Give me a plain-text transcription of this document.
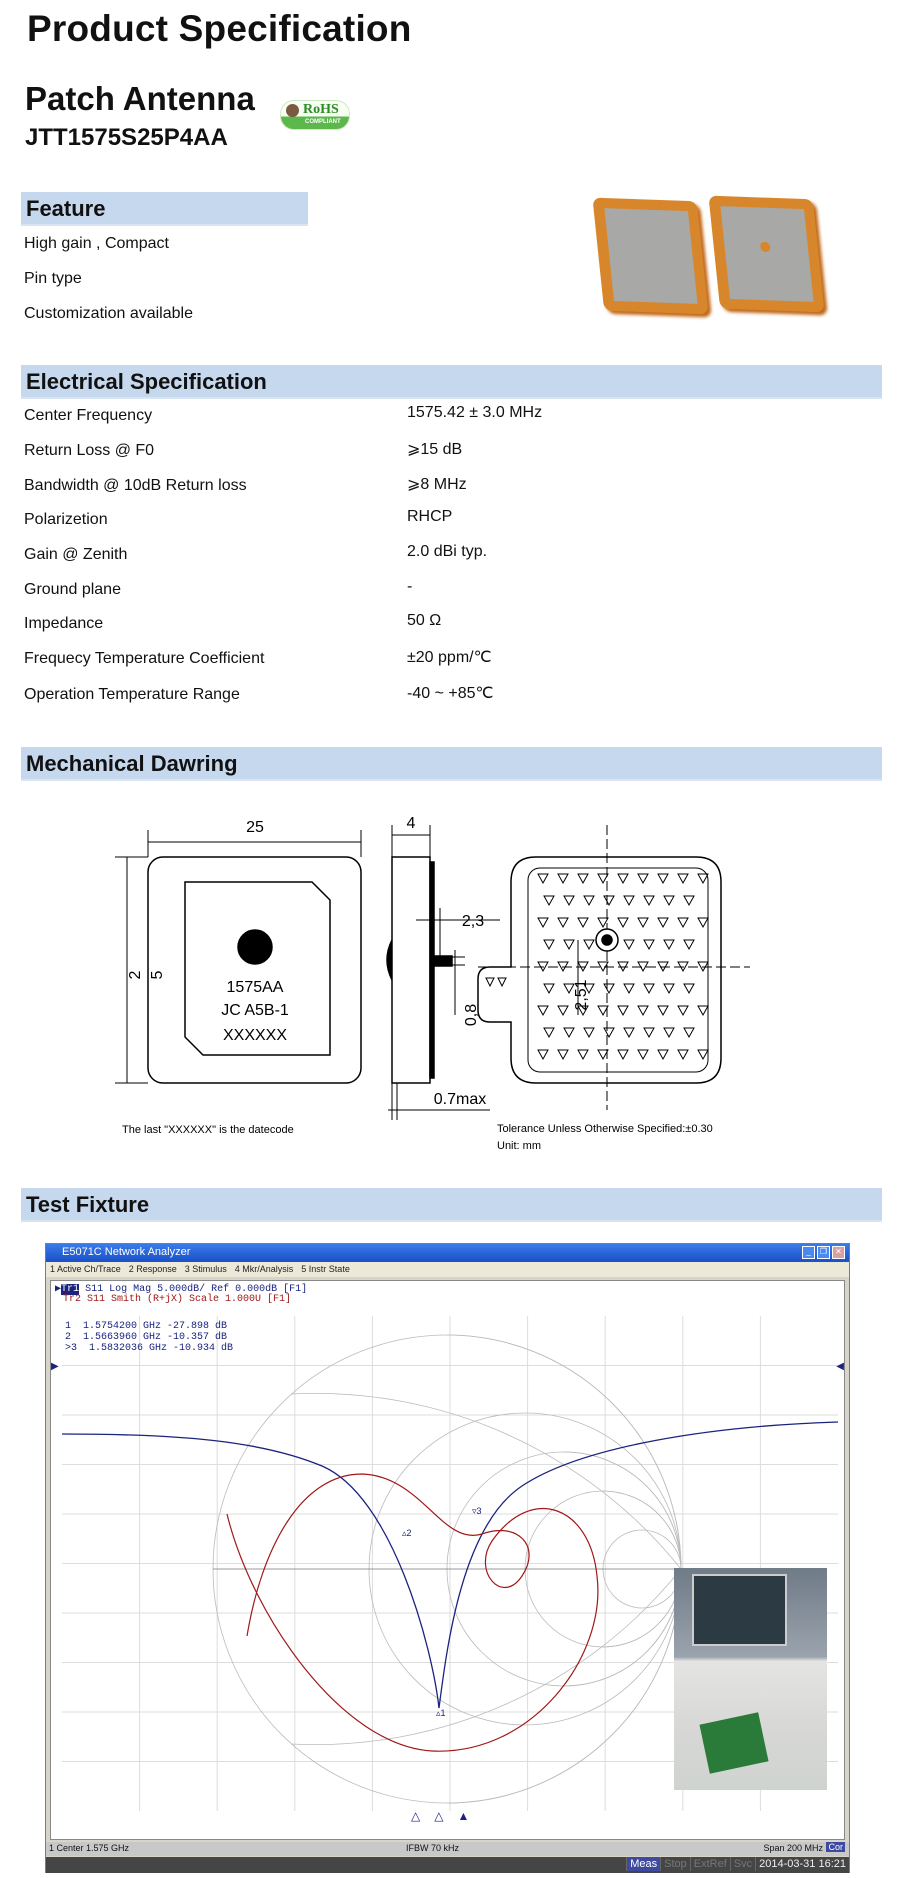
Product Specification
Patch Antenna
JTT1575S25P4AA
RoHS
COMPLIANT
Feature
High gain , Compact
Pin type
Customization available
Electrical Specification
Center Frequency	1575.42 ± 3.0 MHz
Return Loss @ F0	⩾15 dB
Bandwidth @ 10dB Return loss	⩾8 MHz
Polarizetion	RHCP
Gain @ Zenith	2.0 dBi typ.
Ground plane	-
Impedance	50 Ω
Frequecy Temperature Coefficient	±20 ppm/℃
Operation Temperature Range	-40 ~ +85℃
Mechanical Dawring
1575AA
JC A5B-1
XXXXXX
25
2 5
4
2,3
0,8
0.7max
2,51
The last "XXXXXX" is the datecode	Tolerance Unless Otherwise Specified:±0.30
Unit: mm
Test Fixture
E5071C Network Analyzer	_	❐	✕
1 Active Ch/Trace 2 Response 3 Stimulus 4 Mkr/Analysis 5 Instr State
▶Tr1 S11 Log Mag 5.000dB/ Ref 0.000dB [F1]
Tr2 S11 Smith (R+jX) Scale 1.000U [F1]
▵1
▵2
▿3
1  1.5754200 GHz -27.898 dB
2  1.5663960 GHz -10.357 dB
>3  1.5832036 GHz -10.934 dB
▶	◀
△△▲
1 Center 1.575 GHz	IFBW 70 kHz	Span 200 MHz Cor
Meas Stop ExtRef Svc 2014-03-31 16:21
